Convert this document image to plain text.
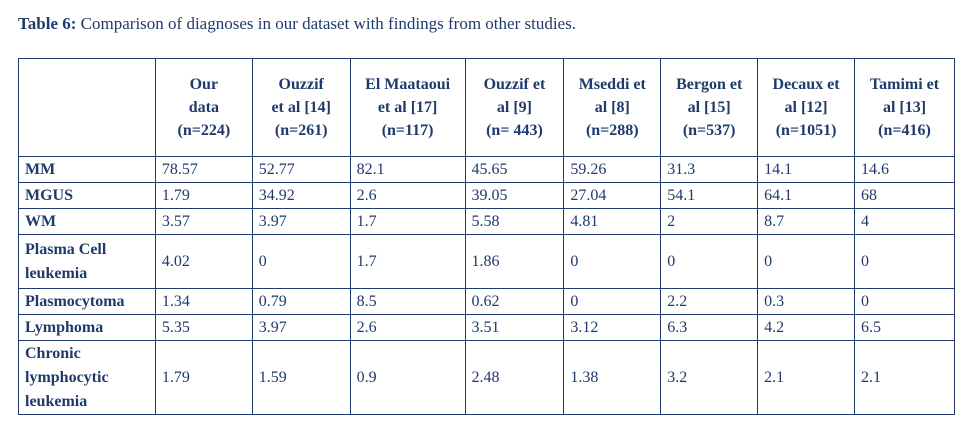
Table 6: Comparison of diagnoses in our dataset with findings from other studies.

	Our
data
(n=224)	Ouzzif
et al [14]
(n=261)	El Maataoui
et al [17]
(n=117)	Ouzzif et
al [9]
(n= 443)	Mseddi et
al [8]
(n=288)	Bergon et
al [15]
(n=537)	Decaux et
al [12]
(n=1051)	Tamimi et
al [13]
(n=416)

MM	78.57	52.77	82.1	45.65	59.26	31.3	14.1	14.6
MGUS	1.79	34.92	2.6	39.05	27.04	54.1	64.1	68
WM	3.57	3.97	1.7	5.58	4.81	2	8.7	4

Plasma Cell
leukemia	4.02	0	1.7	1.86	0	0	0	0
Plasmocytoma	1.34	0.79	8.5	0.62	0	2.2	0.3	0
Lymphoma	5.35	3.97	2.6	3.51	3.12	6.3	4.2	6.5

Chronic
lymphocytic
leukemia	1.79	1.59	0.9	2.48	1.38	3.2	2.1	2.1
